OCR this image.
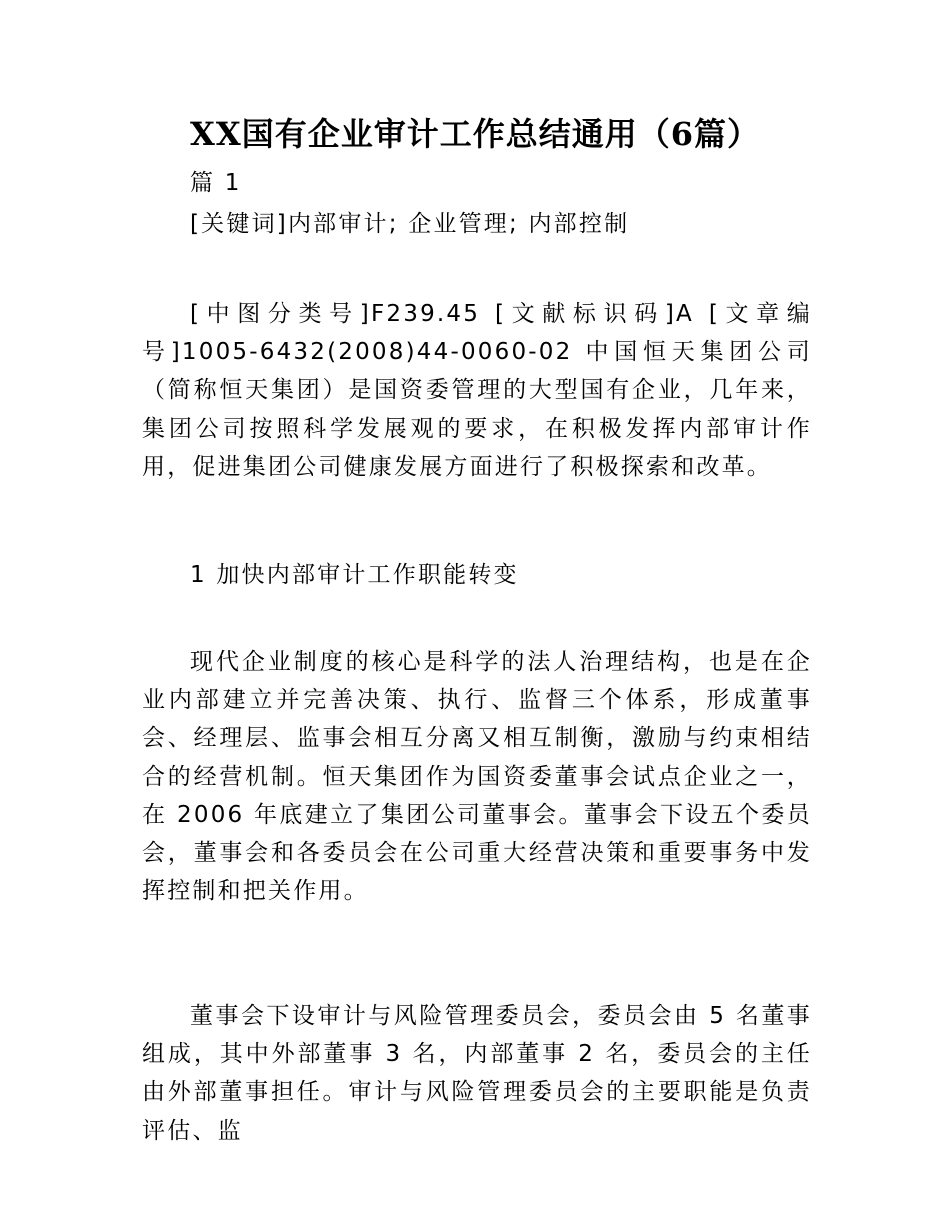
XX国有企业审计工作总结通用（6篇）

篇 1

[关键词]内部审计; 企业管理; 内部控制

[中图分类号]F239.45 [文献标识码]A [文章编号]1005-6432(2008)44-0060-02 中国恒天集团公司（简称恒天集团）是国资委管理的大型国有企业，几年来，集团公司按照科学发展观的要求，在积极发挥内部审计作用，促进集团公司健康发展方面进行了积极探索和改革。

1 加快内部审计工作职能转变

现代企业制度的核心是科学的法人治理结构，也是在企业内部建立并完善决策、执行、监督三个体系，形成董事会、经理层、监事会相互分离又相互制衡，激励与约束相结合的经营机制。恒天集团作为国资委董事会试点企业之一，在 2006 年底建立了集团公司董事会。董事会下设五个委员会，董事会和各委员会在公司重大经营决策和重要事务中发挥控制和把关作用。

董事会下设审计与风险管理委员会，委员会由 5 名董事组成，其中外部董事 3 名，内部董事 2 名，委员会的主任由外部董事担任。审计与风险管理委员会的主要职能是负责评估、监
